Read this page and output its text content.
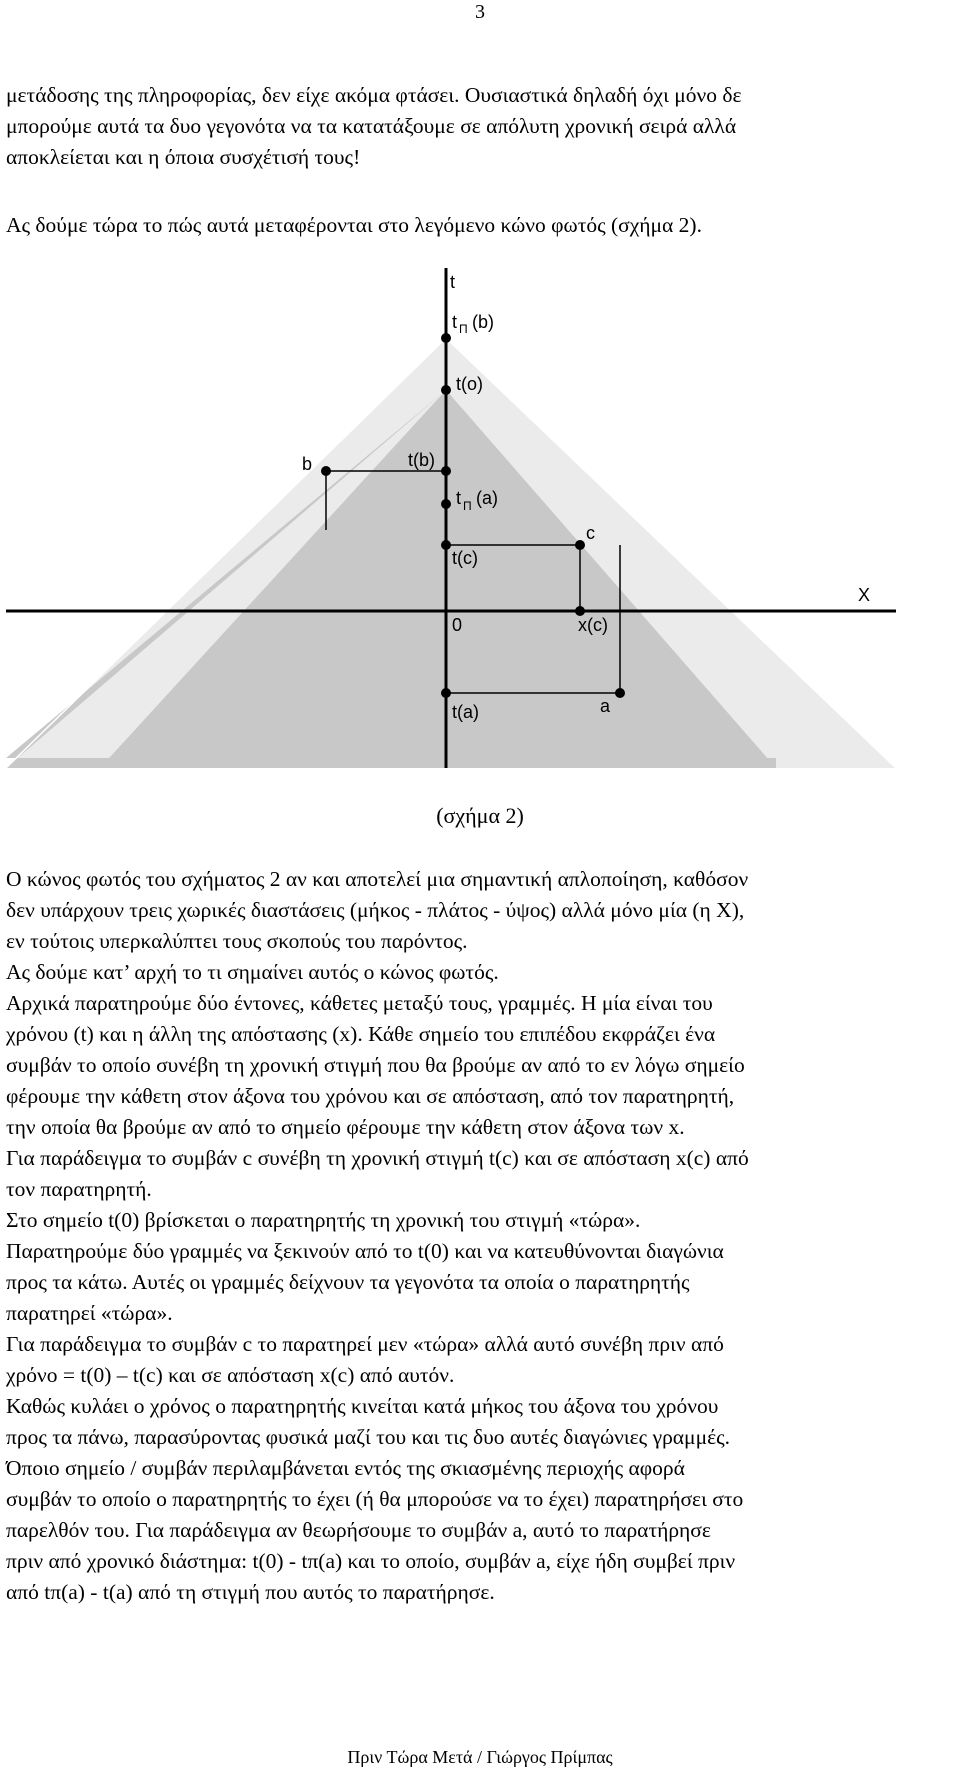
3

μετάδοσης της πληροφορίας, δεν είχε ακόμα φτάσει. Ουσιαστικά δηλαδή όχι μόνο δε
μπορούμε αυτά τα δυο γεγονότα να τα κατατάξουμε σε απόλυτη χρονική σειρά αλλά
αποκλείεται και η όποια συσχέτισή τους!

Ας δούμε τώρα το πώς αυτά μεταφέρονται στο λεγόμενο κώνο φωτός (σχήμα 2).

t
X
0
t Π (b)
t(o)
t(b)
t Π (a)
t(c)
x(c)
t(a)
b
c
a
(σχήμα 2)

Ο κώνος φωτός του σχήματος 2 αν και αποτελεί μια σημαντική απλοποίηση, καθόσον
δεν υπάρχουν τρεις χωρικές διαστάσεις (μήκος - πλάτος - ύψος) αλλά μόνο μία (η X),
εν τούτοις υπερκαλύπτει τους σκοπούς του παρόντος.
Ας δούμε κατ’ αρχή το τι σημαίνει αυτός ο κώνος φωτός.
Αρχικά παρατηρούμε δύο έντονες, κάθετες μεταξύ τους, γραμμές. Η μία είναι του
χρόνου (t) και η άλλη της απόστασης (x). Κάθε σημείο του επιπέδου εκφράζει ένα
συμβάν το οποίο συνέβη τη χρονική στιγμή που θα βρούμε αν από το εν λόγω σημείο
φέρουμε την κάθετη στον άξονα του χρόνου και σε απόσταση, από τον παρατηρητή,
την οποία θα βρούμε αν από το σημείο φέρουμε την κάθετη στον άξονα των x.
Για παράδειγμα το συμβάν c συνέβη τη χρονική στιγμή t(c) και σε απόσταση x(c) από
τον παρατηρητή.
Στο σημείο t(0) βρίσκεται ο παρατηρητής τη χρονική του στιγμή «τώρα».
Παρατηρούμε δύο γραμμές να ξεκινούν από το t(0) και να κατευθύνονται διαγώνια
προς τα κάτω. Αυτές οι γραμμές δείχνουν τα γεγονότα τα οποία ο παρατηρητής
παρατηρεί «τώρα».
Για παράδειγμα το συμβάν c το παρατηρεί μεν «τώρα» αλλά αυτό συνέβη πριν από
χρόνο = t(0) – t(c) και σε απόσταση x(c) από αυτόν.
Καθώς κυλάει ο χρόνος ο παρατηρητής κινείται κατά μήκος του άξονα του χρόνου
προς τα πάνω, παρασύροντας φυσικά μαζί του και τις δυο αυτές διαγώνιες γραμμές.
Όποιο σημείο / συμβάν περιλαμβάνεται εντός της σκιασμένης περιοχής αφορά
συμβάν το οποίο ο παρατηρητής το έχει (ή θα μπορούσε να το έχει) παρατηρήσει στο
παρελθόν του. Για παράδειγμα αν θεωρήσουμε το συμβάν a, αυτό το παρατήρησε
πριν από χρονικό διάστημα: t(0) - tπ(a) και το οποίο, συμβάν a, είχε ήδη συμβεί πριν
από tπ(a) - t(a) από τη στιγμή που αυτός το παρατήρησε.

Πριν Τώρα Μετά / Γιώργος Πρίμπας
